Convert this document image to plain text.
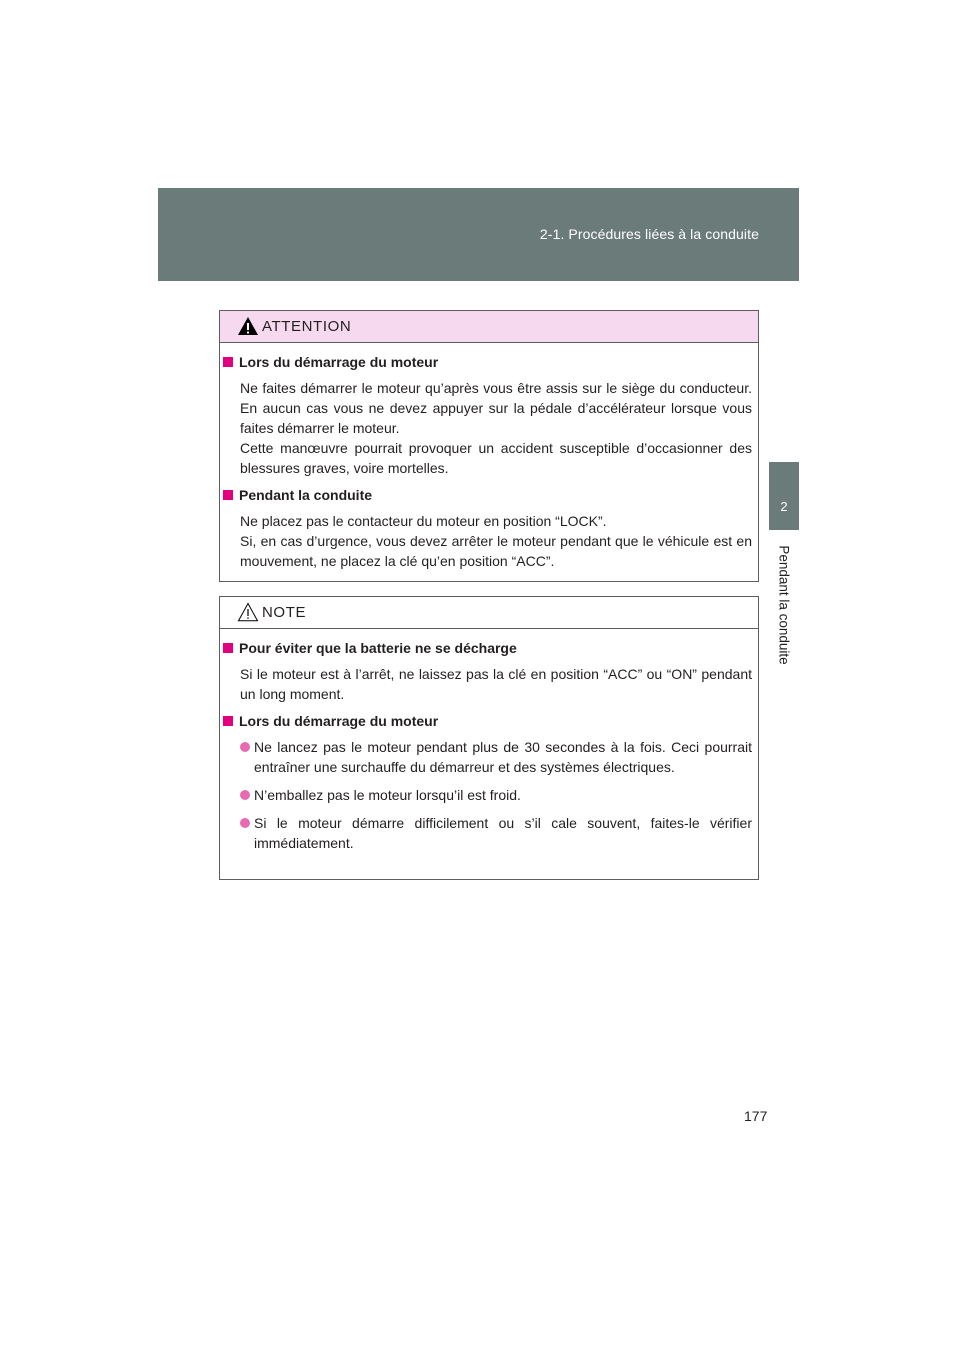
2-1. Procédures liées à la conduite
2
Pendant la conduite
ATTENTION
Lors du démarrage du moteur

Ne faites démarrer le moteur qu’après vous être assis sur le siège du conducteur. En aucun cas vous ne devez appuyer sur la pédale d’accélérateur lorsque vous faites démarrer le moteur.

Cette manœuvre pourrait provoquer un accident susceptible d’occasionner des blessures graves, voire mortelles.

Pendant la conduite

Ne placez pas le contacteur du moteur en position “LOCK”.

Si, en cas d’urgence, vous devez arrêter le moteur pendant que le véhicule est en mouvement, ne placez la clé qu’en position “ACC”.

NOTE
Pour éviter que la batterie ne se décharge

Si le moteur est à l’arrêt, ne laissez pas la clé en position “ACC” ou “ON” pendant un long moment.

Lors du démarrage du moteur
Ne lancez pas le moteur pendant plus de 30 secondes à la fois. Ceci pourrait entraîner une surchauffe du démarreur et des systèmes électriques.
N’emballez pas le moteur lorsqu’il est froid.
Si le moteur démarre difficilement ou s’il cale souvent, faites-le vérifier immédiatement.
177
